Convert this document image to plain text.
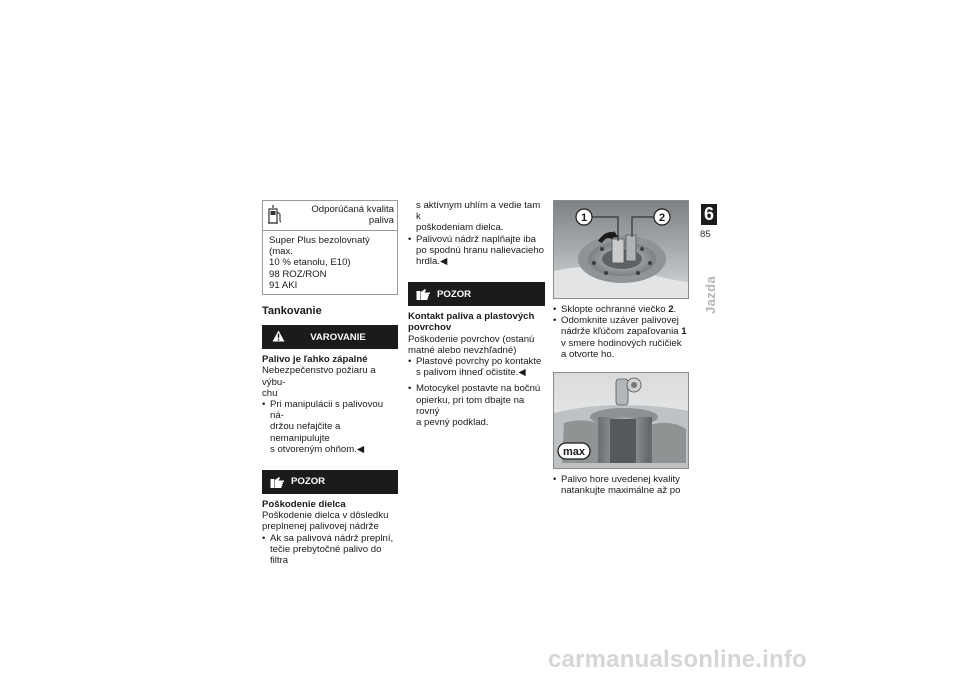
Odporúčaná kvalita paliva
Super Plus bezolovnatý (max.
10 % etanolu, E10)
98 ROZ/RON
91 AKI
Tankovanie
VAROVANIE
Palivo je ľahko zápalné
Nebezpečenstvo požiaru a výbu-
chu
• Pri manipulácii s palivovou ná-
držou nefajčite a nemanipulujte
s otvoreným ohňom.◀
POZOR
Poškodenie dielca
Poškodenie dielca v dôsledku
preplnenej palivovej nádrže
• Ak sa palivová nádrž preplní,
tečie prebytočné palivo do filtra
s aktívnym uhlím a vedie tam k
poškodeniam dielca.
• Palivovú nádrž naplňajte iba
po spodnú hranu nalievacieho
hrdla.◀
POZOR
Kontakt paliva a plastových
povrchov
Poškodenie povrchov (ostanú
matné alebo nevzhľadné)
• Plastové povrchy po kontakte
s palivom ihneď očistite.◀
• Motocykel postavte na bočnú
opierku, pri tom dbajte na rovný
a pevný podklad.
1	2
• Sklopte ochranné viečko 2.
• Odomknite uzáver palivovej
nádrže kľúčom zapaľovania 1
v smere hodinových ručičiek
a otvorte ho.
max
• Palivo hore uvedenej kvality
natankujte maximálne až po
6
85
Jazda
carmanualsonline.info
